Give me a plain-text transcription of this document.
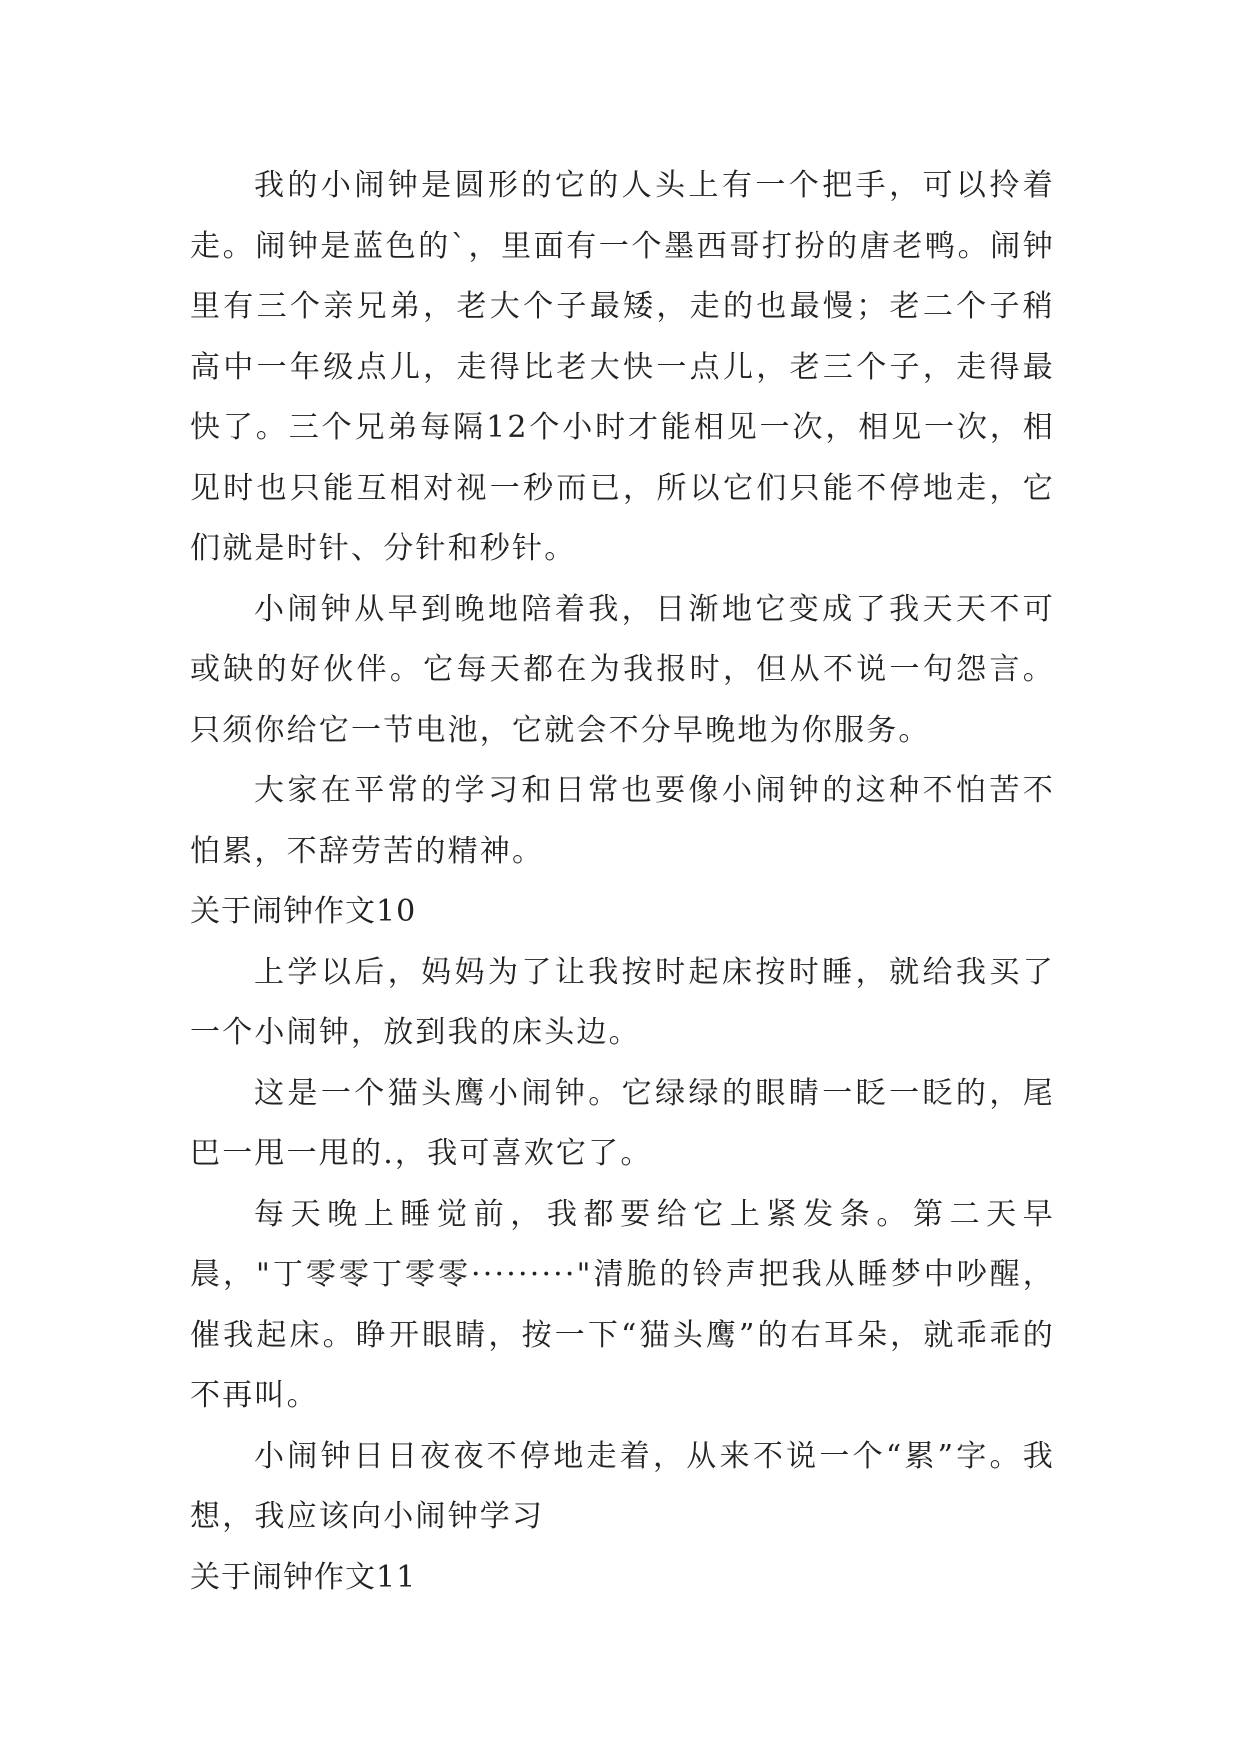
我的小闹钟是圆形的它的人头上有一个把手，可以拎着走。闹钟是蓝色的`，里面有一个墨西哥打扮的唐老鸭。闹钟里有三个亲兄弟，老大个子最矮，走的也最慢；老二个子稍高中一年级点儿，走得比老大快一点儿，老三个子，走得最快了。三个兄弟每隔12个小时才能相见一次，相见一次，相见时也只能互相对视一秒而已，所以它们只能不停地走，它们就是时针、分针和秒针。

小闹钟从早到晚地陪着我，日渐地它变成了我天天不可或缺的好伙伴。它每天都在为我报时，但从不说一句怨言。只须你给它一节电池，它就会不分早晚地为你服务。

大家在平常的学习和日常也要像小闹钟的这种不怕苦不怕累，不辞劳苦的精神。

关于闹钟作文10

上学以后，妈妈为了让我按时起床按时睡，就给我买了一个小闹钟，放到我的床头边。

这是一个猫头鹰小闹钟。它绿绿的眼睛一眨一眨的，尾巴一甩一甩的.，我可喜欢它了。

每天晚上睡觉前，我都要给它上紧发条。第二天早晨，"丁零零丁零零·········"清脆的铃声把我从睡梦中吵醒，催我起床。睁开眼睛，按一下“猫头鹰”的右耳朵，就乖乖的不再叫。

小闹钟日日夜夜不停地走着，从来不说一个“累”字。我想，我应该向小闹钟学习

关于闹钟作文11
